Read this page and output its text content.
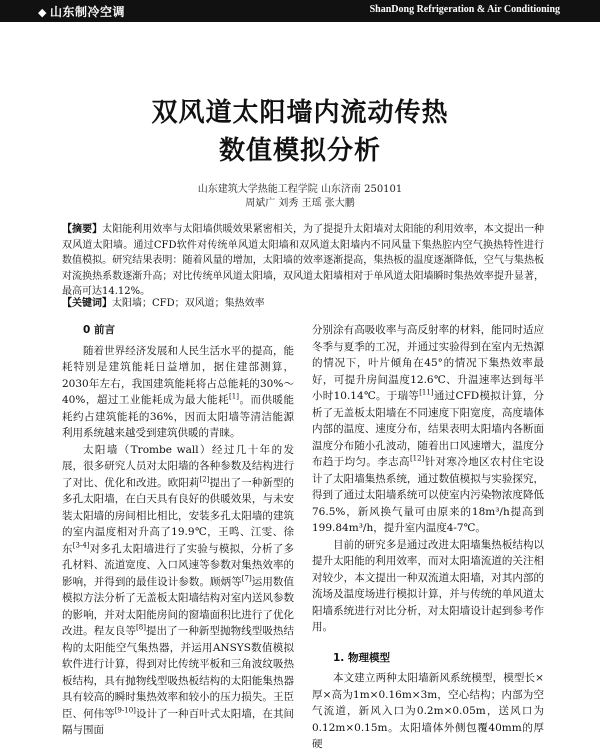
◆ 山东制冷空调	ShanDong Refrigeration & Air Conditioning
双风道太阳墙内流动传热
数值模拟分析
山东建筑大学热能工程学院 山东济南 250101
周斌广 刘秀 王瑶 张大鹏
【摘要】太阳能利用效率与太阳墙供暖效果紧密相关，为了提提升太阳墙对太阳能的利用效率，本文提出一种双风道太阳墙。通过CFD软件对传统单风道太阳墙和双风道太阳墙内不同风量下集热腔内空气换热特性进行数值模拟。研究结果表明：随着风量的增加，太阳墙的效率逐渐提高，集热板的温度逐渐降低，空气与集热板对流换热系数逐渐升高；对比传统单风道太阳墙，双风道太阳墙相对于单风道太阳墙瞬时集热效率提升显著，最高可达14.12%。
【关键词】太阳墙；CFD；双风道；集热效率
0 前言

随着世界经济发展和人民生活水平的提高，能耗特别是建筑能耗日益增加，据住建部测算，2030年左右，我国建筑能耗将占总能耗的30%～40%，超过工业能耗成为最大能耗[1]。而供暖能耗约占建筑能耗的36%，因而太阳墙等清洁能源利用系统越来越受到建筑供暖的青睐。

太阳墙（Trombe wall）经过几十年的发展，很多研究人员对太阳墙的各种参数及结构进行了对比、优化和改进。欧阳莉[2]提出了一种新型的多孔太阳墙，在白天具有良好的供暖效果，与未安装太阳墙的房间相比相比，安装多孔太阳墙的建筑的室内温度相对升高了19.9℃，王鸣、江雯、徐东[3-4]对多孔太阳墙进行了实验与模拟，分析了多孔材料、流道宽度、入口风速等参数对集热效率的影响，并得到的最佳设计参数。顾炳等[7]运用数值模拟方法分析了无盖板太阳墙结构对室内送风参数的影响，并对太阳能房间的窗墙面积比进行了优化改进。程友良等[8]提出了一种新型抛物线型吸热结构的太阳能空气集热器，并运用ANSYS数值模拟软件进行计算，得到对比传统平板和三角波纹吸热板结构，具有抛物线型吸热板结构的太阳能集热器具有较高的瞬时集热效率和较小的压力损失。王臣臣、何伟等[9-10]设计了一种百叶式太阳墙，在其间隔与围面

分别涂有高吸收率与高反射率的材料，能同时适应冬季与夏季的工况，并通过实验得到在室内无热源的情况下，叶片倾角在45°的情况下集热效率最好，可提升房间温度12.6℃、升温速率达到每半小时10.14℃。于瑞等[11]通过CFD模拟计算，分析了无盖板太阳墙在不同速度下阳宽度，高度墙体内部的温度、速度分布，结果表明太阳墙内各断面温度分布随小孔波动，随着出口风速增大，温度分布趋于均匀。李志高[12]针对寒冷地区农村住宅设计了太阳墙集热系统，通过数值模拟与实验探究，得到了通过太阳墙系统可以使室内污染物浓度降低76.5%，新风换气量可由原来的18m³/h提高到199.84m³/h，提升室内温度4-7℃。

目前的研究多是通过改进太阳墙集热板结构以提升太阳能的利用效率，而对太阳墙流道的关注相对较少，本文提出一种双流道太阳墙，对其内部的流场及温度场进行模拟计算，并与传统的单风道太阳墙系统进行对比分析，对太阳墙设计起到参考作用。

1. 物理模型

本文建立两种太阳墙新风系统模型，模型长×厚×高为1m×0.16m×3m，空心结构；内部为空气流道，新风入口为0.2m×0.05m，送风口为0.12m×0.15m。太阳墙体外侧包覆40mm的厚硬
